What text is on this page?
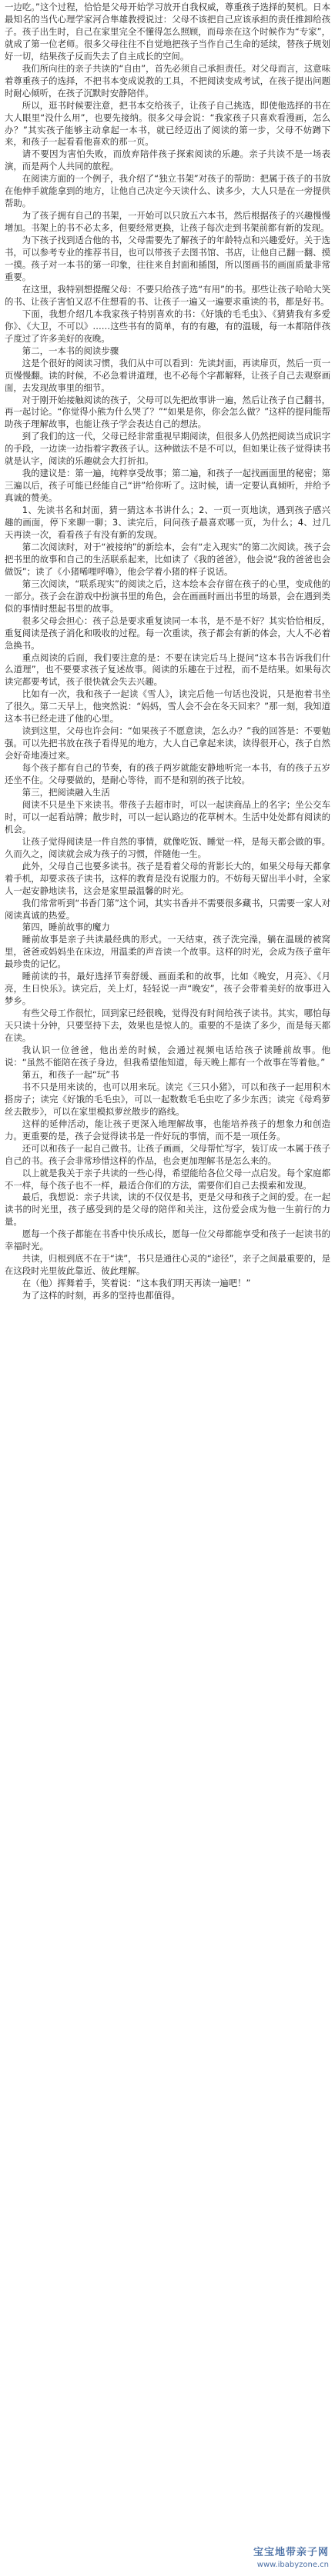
一边吃。”这个过程，恰恰是父母开始学习放开自我权威，尊重孩子选择的契机。日本最知名的当代心理学家河合隼雄教授说过：父母不该把自己应该承担的责任推卸给孩子。孩子出生时，自己在家里完全不懂得怎么照顾，而母亲在这个时候作为“专家”，就成了第一位老师。很多父母往往不自觉地把孩子当作自己生命的延续，替孩子规划好一切，结果孩子反而失去了自主成长的空间。

我们所向往的亲子共读的“自由”，首先必须自己承担责任。对父母而言，这意味着尊重孩子的选择，不把书本变成说教的工具，不把阅读变成考试，在孩子提出问题时耐心倾听，在孩子沉默时安静陪伴。

所以，逛书时候要注意，把书本交给孩子，让孩子自己挑选，即使他选择的书在大人眼里“没什么用”，也要先接纳。很多父母会说：“我家孩子只喜欢看漫画，怎么办？”其实孩子能够主动拿起一本书，就已经迈出了阅读的第一步，父母不妨蹲下来，和孩子一起看看他喜欢的那一页。

请不要因为害怕失败，而放弃陪伴孩子探索阅读的乐趣。亲子共读不是一场表演，而是两个人共同的旅程。

在阅读方面的一个例子，我介绍了“独立书架”对孩子的帮助：把属于孩子的书放在他伸手就能拿到的地方，让他自己决定今天读什么、读多少，大人只是在一旁提供帮助。

为了孩子拥有自己的书架，一开始可以只放五六本书，然后根据孩子的兴趣慢慢增加。书架上的书不必太多，但要经常更换，让孩子每次走到书架前都有新的发现。

为下孩子找到适合他的书，父母需要先了解孩子的年龄特点和兴趣爱好。关于选书，可以参考专业的推荐书目，也可以带孩子去图书馆、书店，让他自己翻一翻、摸一摸。孩子对一本书的第一印象，往往来自封面和插图，所以图画书的画面质量非常重要。

在这里，我特别想提醒父母：不要只给孩子选“有用”的书。那些让孩子哈哈大笑的书、让孩子害怕又忍不住想看的书、让孩子一遍又一遍要求重读的书，都是好书。

下面，我想介绍几本我家孩子特别喜欢的书：《好饿的毛毛虫》、《猜猜我有多爱你》、《大卫，不可以》……这些书有的简单，有的有趣，有的温暖，每一本都陪伴孩子度过了许多美好的夜晚。

第二，一本书的阅读步骤

这是个很好的阅读习惯，我们从中可以看到：先读封面，再读扉页，然后一页一页慢慢翻。读的时候，不必急着讲道理，也不必每个字都解释，让孩子自己去观察画面，去发现故事里的细节。

对于刚开始接触阅读的孩子，父母可以先把故事讲一遍，然后让孩子自己翻书，再一起讨论。“你觉得小熊为什么哭了？”“如果是你，你会怎么做？”这样的提问能帮助孩子理解故事，也能让孩子学会表达自己的想法。

到了我们的这一代，父母已经非常重视早期阅读，但很多人仍然把阅读当成识字的手段，一边读一边指着字教孩子认。这种做法不是不可以，但如果让孩子觉得读书就是认字，阅读的乐趣就会大打折扣。

我的建议是：第一遍，纯粹享受故事；第二遍，和孩子一起找画面里的秘密；第三遍以后，孩子可能已经能自己“讲”给你听了。这时候，请一定要认真倾听，并给予真诚的赞美。

1、先读书名和封面，猜一猜这本书讲什么；2、一页一页地读，遇到孩子感兴趣的画面，停下来聊一聊；3、读完后，问问孩子最喜欢哪一页，为什么；4、过几天再读一次，看看孩子有没有新的发现。

第二次阅读时，对于“被接纳”的新绘本，会有“走入现实”的第二次阅读。孩子会把书里的故事和自己的生活联系起来，比如读了《我的爸爸》，他会说“我的爸爸也会做饭”；读了《小猪唏哩呼噜》，他会学着小猪的样子说话。

第三次阅读，“联系现实”的阅读之后，这本绘本会存留在孩子的心里，变成他的一部分。孩子会在游戏中扮演书里的角色，会在画画时画出书里的场景，会在遇到类似的事情时想起书里的故事。

很多父母会担心：孩子总是要求重复读同一本书，是不是不好？其实恰恰相反，重复阅读是孩子消化和吸收的过程。每一次重读，孩子都会有新的体会，大人不必着急换书。

重点阅读的后面，我们要注意的是：不要在读完后马上提问“这本书告诉我们什么道理”，也不要要求孩子复述故事。阅读的乐趣在于过程，而不是结果。如果每次读完都要考试，孩子很快就会失去兴趣。

比如有一次，我和孩子一起读《雪人》，读完后他一句话也没说，只是抱着书坐了很久。第二天早上，他突然说：“妈妈，雪人会不会在冬天回来？”那一刻，我知道这本书已经走进了他的心里。

读到这里，父母也许会问：“如果孩子不愿意读，怎么办？”我的回答是：不要勉强。可以先把书放在孩子看得见的地方，大人自己拿起来读，读得很开心，孩子自然会好奇地凑过来。

每个孩子都有自己的节奏，有的孩子两岁就能安静地听完一本书，有的孩子五岁还坐不住。父母要做的，是耐心等待，而不是和别的孩子比较。

第三，把阅读融入生活

阅读不只是坐下来读书。带孩子去超市时，可以一起读商品上的名字；坐公交车时，可以一起看站牌；散步时，可以一起认路边的花草树木。生活中处处都有阅读的机会。

让孩子觉得阅读是一件自然的事情，就像吃饭、睡觉一样，是每天都会做的事。久而久之，阅读就会成为孩子的习惯，伴随他一生。

此外，父母自己也要多读书。孩子是看着父母的背影长大的，如果父母每天都拿着手机，却要求孩子读书，这样的教育是没有说服力的。不妨每天留出半小时，全家人一起安静地读书，这会是家里最温馨的时光。

我们常常听到“书香门第”这个词，其实书香并不需要很多藏书，只需要一家人对阅读真诚的热爱。

第四，睡前故事的魔力

睡前故事是亲子共读最经典的形式。一天结束，孩子洗完澡，躺在温暖的被窝里，爸爸或妈妈坐在床边，用温柔的声音读一个故事。这样的时光，会成为孩子童年最珍贵的记忆。

睡前读的书，最好选择节奏舒缓、画面柔和的故事，比如《晚安，月亮》、《月亮，生日快乐》。读完后，关上灯，轻轻说一声“晚安”，孩子会带着美好的故事进入梦乡。

有些父母工作很忙，回到家已经很晚，觉得没有时间给孩子读书。其实，哪怕每天只读十分钟，只要坚持下去，效果也是惊人的。重要的不是读了多少，而是每天都在读。

我认识一位爸爸，他出差的时候，会通过视频电话给孩子读睡前故事。他说：“虽然不能陪在孩子身边，但我希望他知道，每天晚上都有一个故事在等着他。”

第五，和孩子一起“玩”书

书不只是用来读的，也可以用来玩。读完《三只小猪》，可以和孩子一起用积木搭房子；读完《好饿的毛毛虫》，可以一起数数毛毛虫吃了多少东西；读完《母鸡萝丝去散步》，可以在家里模拟萝丝散步的路线。

这样的延伸活动，能让孩子更深入地理解故事，也能培养孩子的想象力和创造力。更重要的是，孩子会觉得读书是一件好玩的事情，而不是一项任务。

还可以和孩子一起自己做书。让孩子画画，父母帮忙写字，装订成一本属于孩子自己的书。孩子会非常珍惜这样的作品，也会更加理解书是怎么来的。

以上就是我关于亲子共读的一些心得，希望能给各位父母一点启发。每个家庭都不一样，每个孩子也不一样，最适合你们的方法，需要你们自己去摸索和发现。

最后，我想说：亲子共读，读的不仅仅是书，更是父母和孩子之间的爱。在一起读书的时光里，孩子感受到的是父母的陪伴和关注，这份爱会成为他一生前行的力量。

愿每一个孩子都能在书香中快乐成长，愿每一位父母都能享受和孩子一起读书的幸福时光。

共读，归根到底不在于“读”，书只是通往心灵的“途径”，亲子之间最重要的，是在这段时光里彼此靠近、彼此理解。

在（他）挥舞着手，笑着说：“这本我们明天再读一遍吧！”

为了这样的时刻，再多的坚持也都值得。

宝宝地带亲子网
www.ibabyzone.cn
